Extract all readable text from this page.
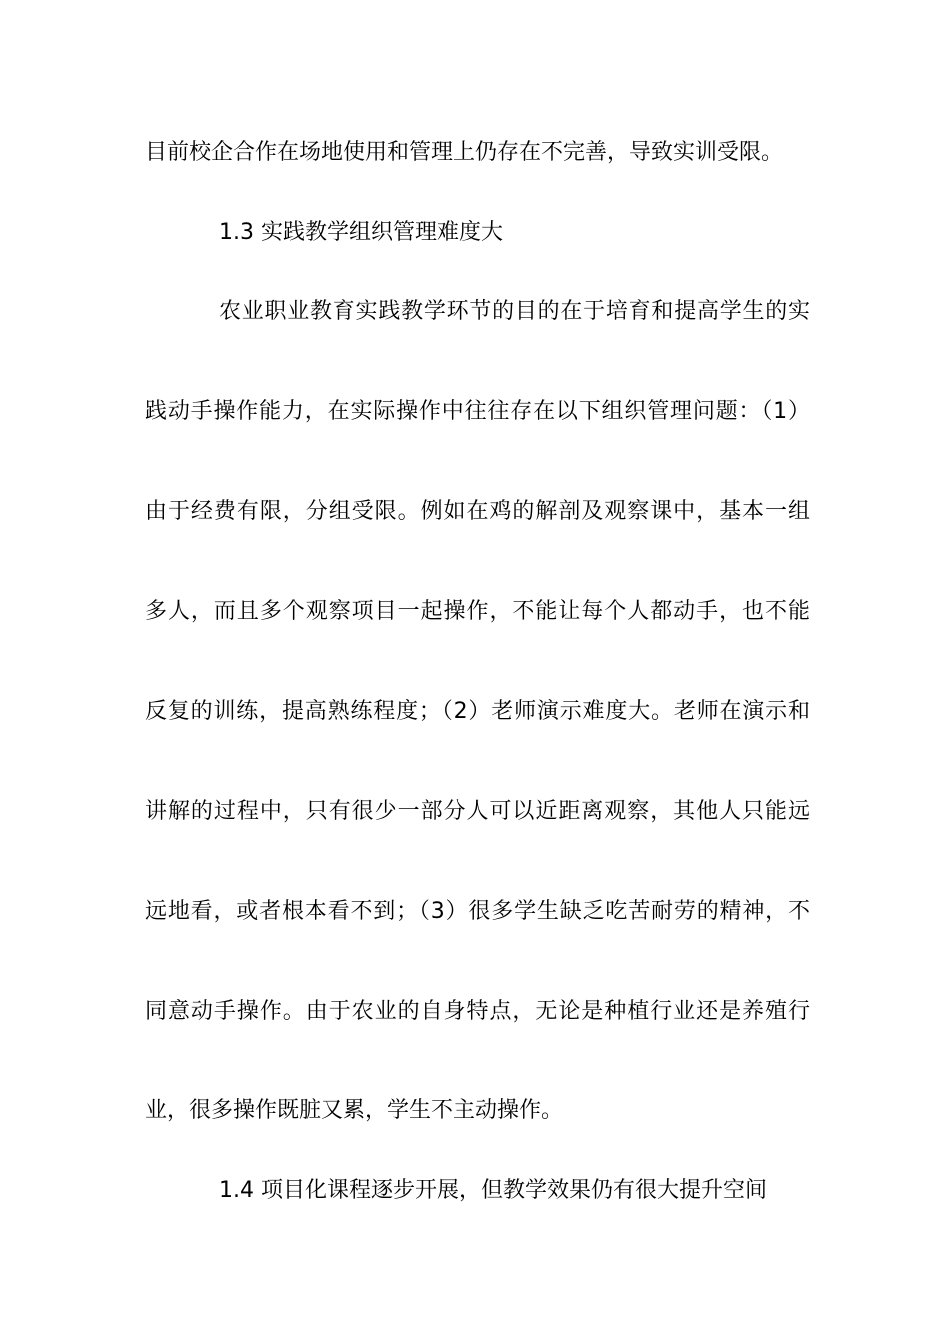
目前校企合作在场地使用和管理上仍存在不完善，导致实训受限。
1.3 实践教学组织管理难度大
农业职业教育实践教学环节的目的在于培育和提高学生的实
践动手操作能力，在实际操作中往往存在以下组织管理问题：（1）
由于经费有限，分组受限。例如在鸡的解剖及观察课中，基本一组
多人，而且多个观察项目一起操作，不能让每个人都动手，也不能
反复的训练，提高熟练程度；（2）老师演示难度大。老师在演示和
讲解的过程中，只有很少一部分人可以近距离观察，其他人只能远
远地看，或者根本看不到；（3）很多学生缺乏吃苦耐劳的精神，不
同意动手操作。由于农业的自身特点，无论是种植行业还是养殖行
业，很多操作既脏又累，学生不主动操作。
1.4 项目化课程逐步开展，但教学效果仍有很大提升空间
